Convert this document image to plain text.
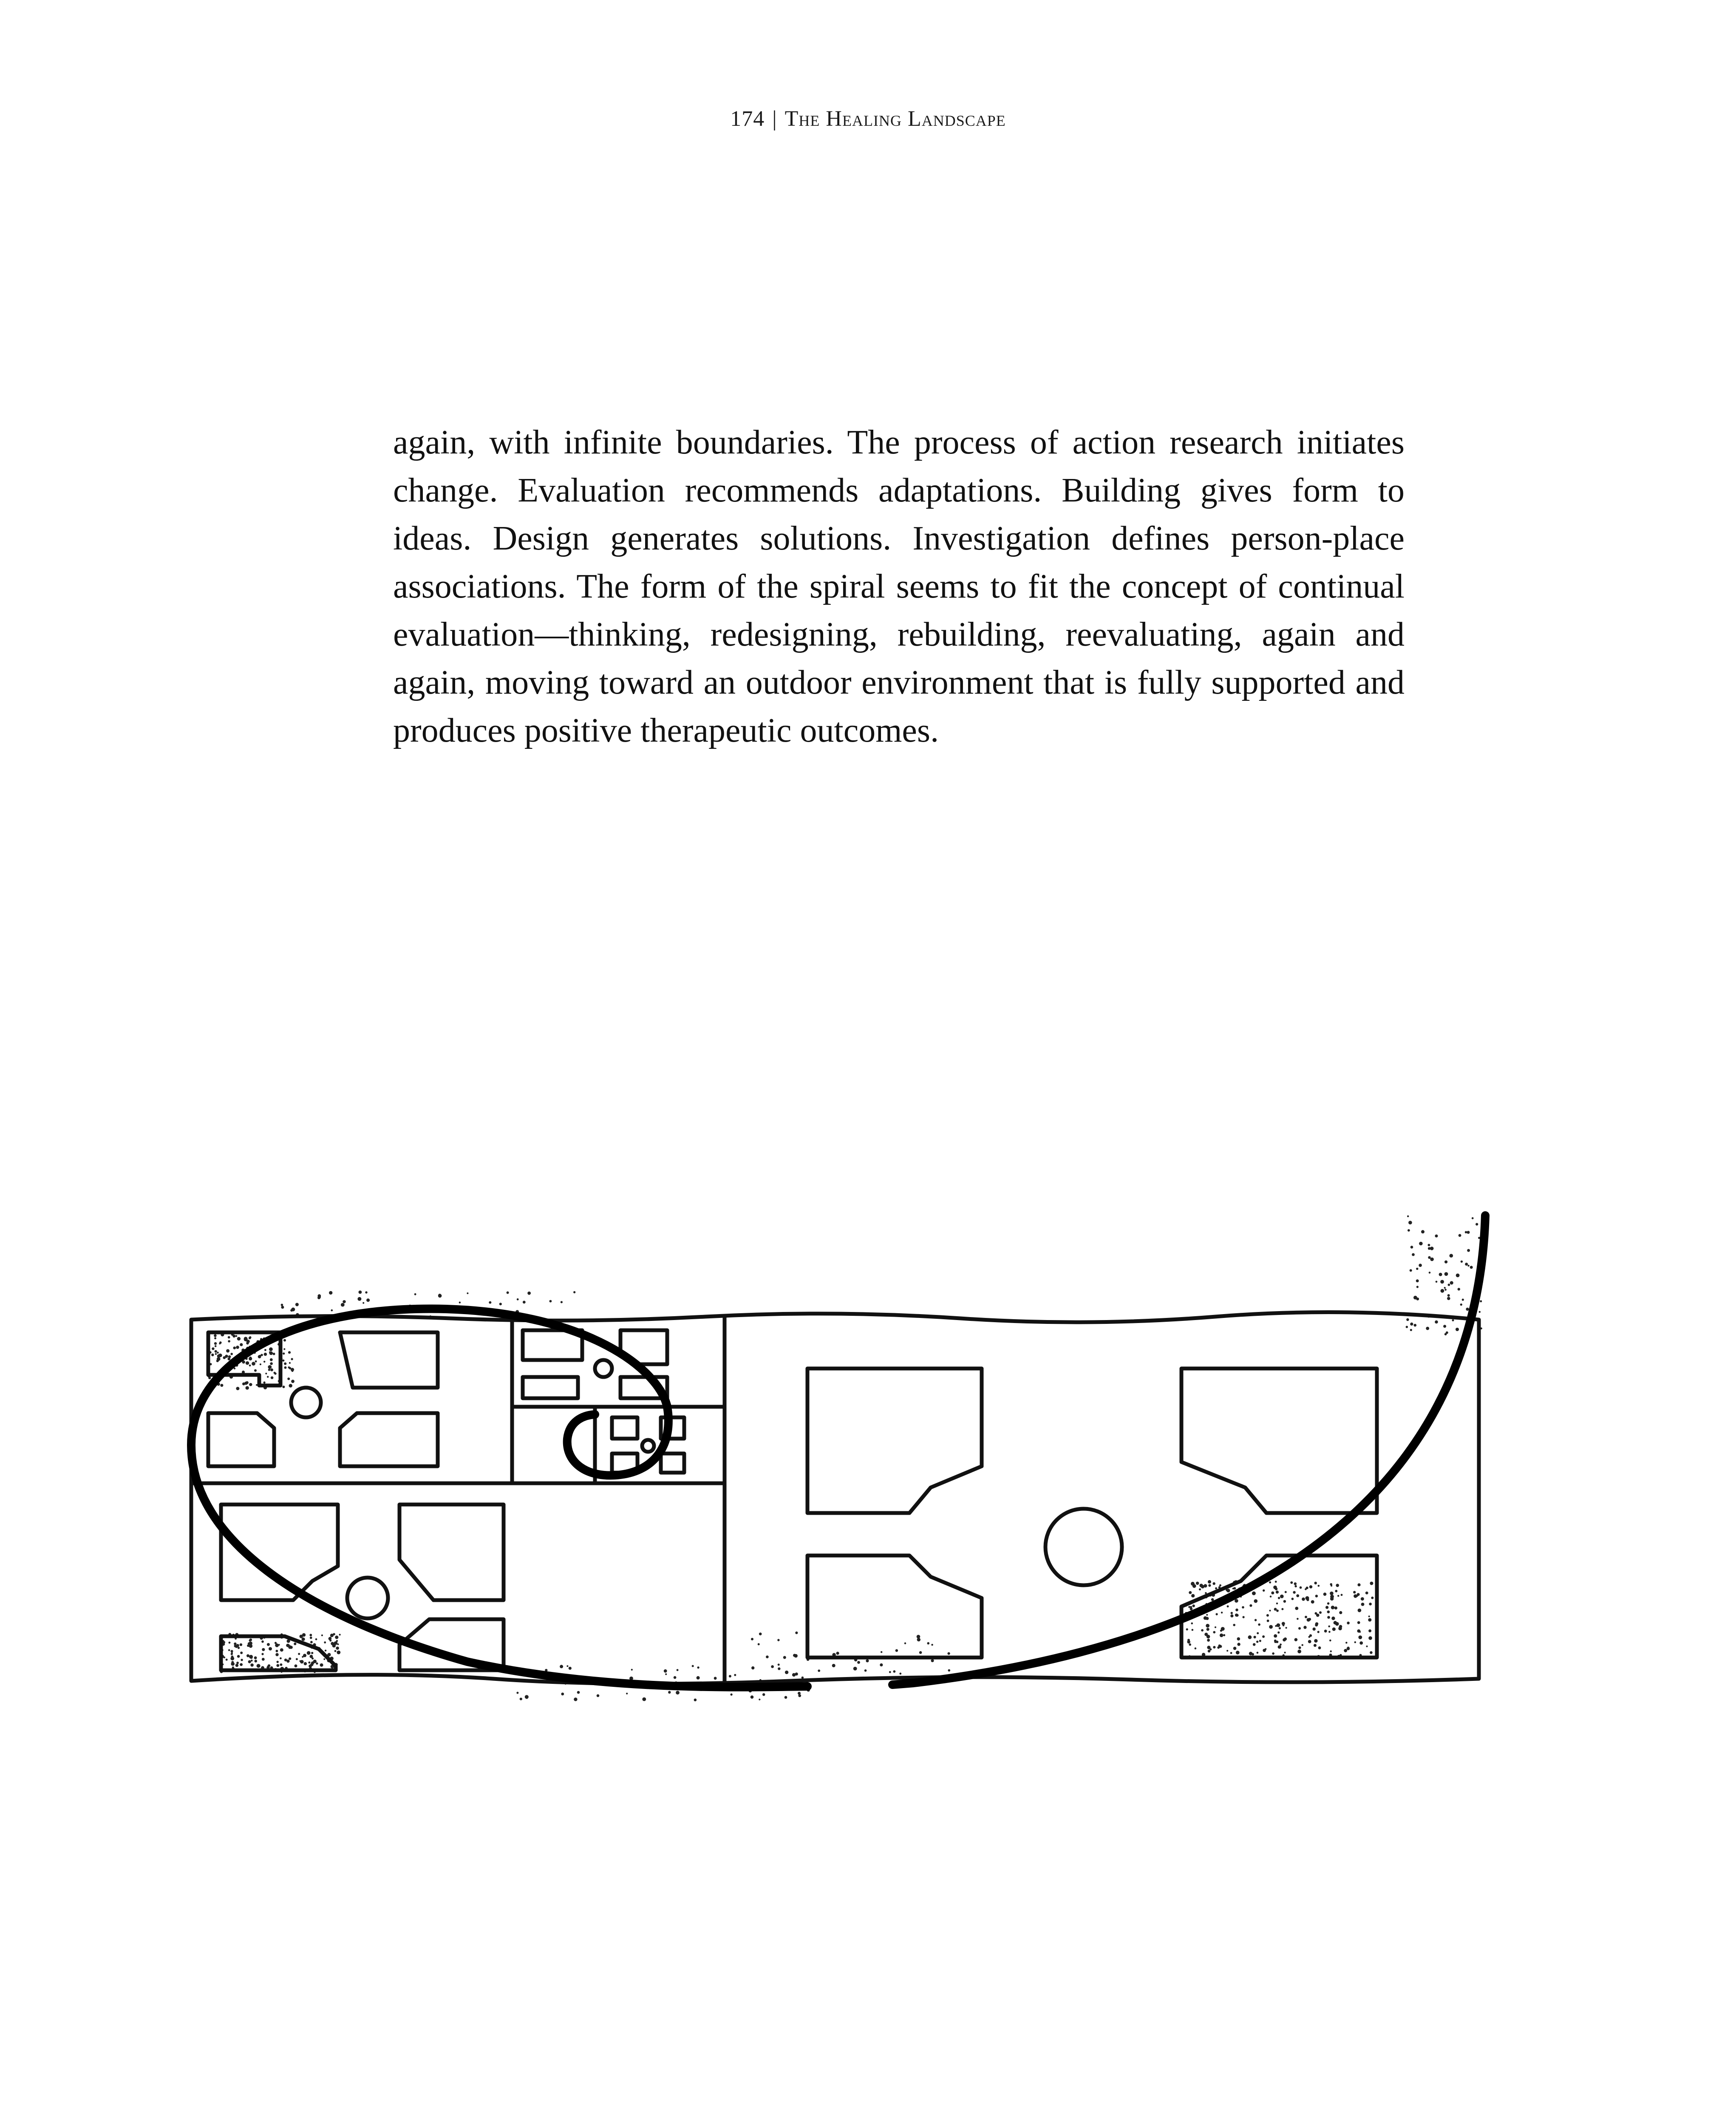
174 | The Healing Landscape
again, with infinite boundaries. The process of action research initiates change. Evaluation recommends adaptations. Building gives form to ideas. Design generates solutions. Investigation defines person-place associations. The form of the spiral seems to fit the concept of continual evaluation—thinking, redesigning, rebuilding, reevaluating, again and again, moving toward an outdoor environment that is fully supported and produces positive therapeutic outcomes.
